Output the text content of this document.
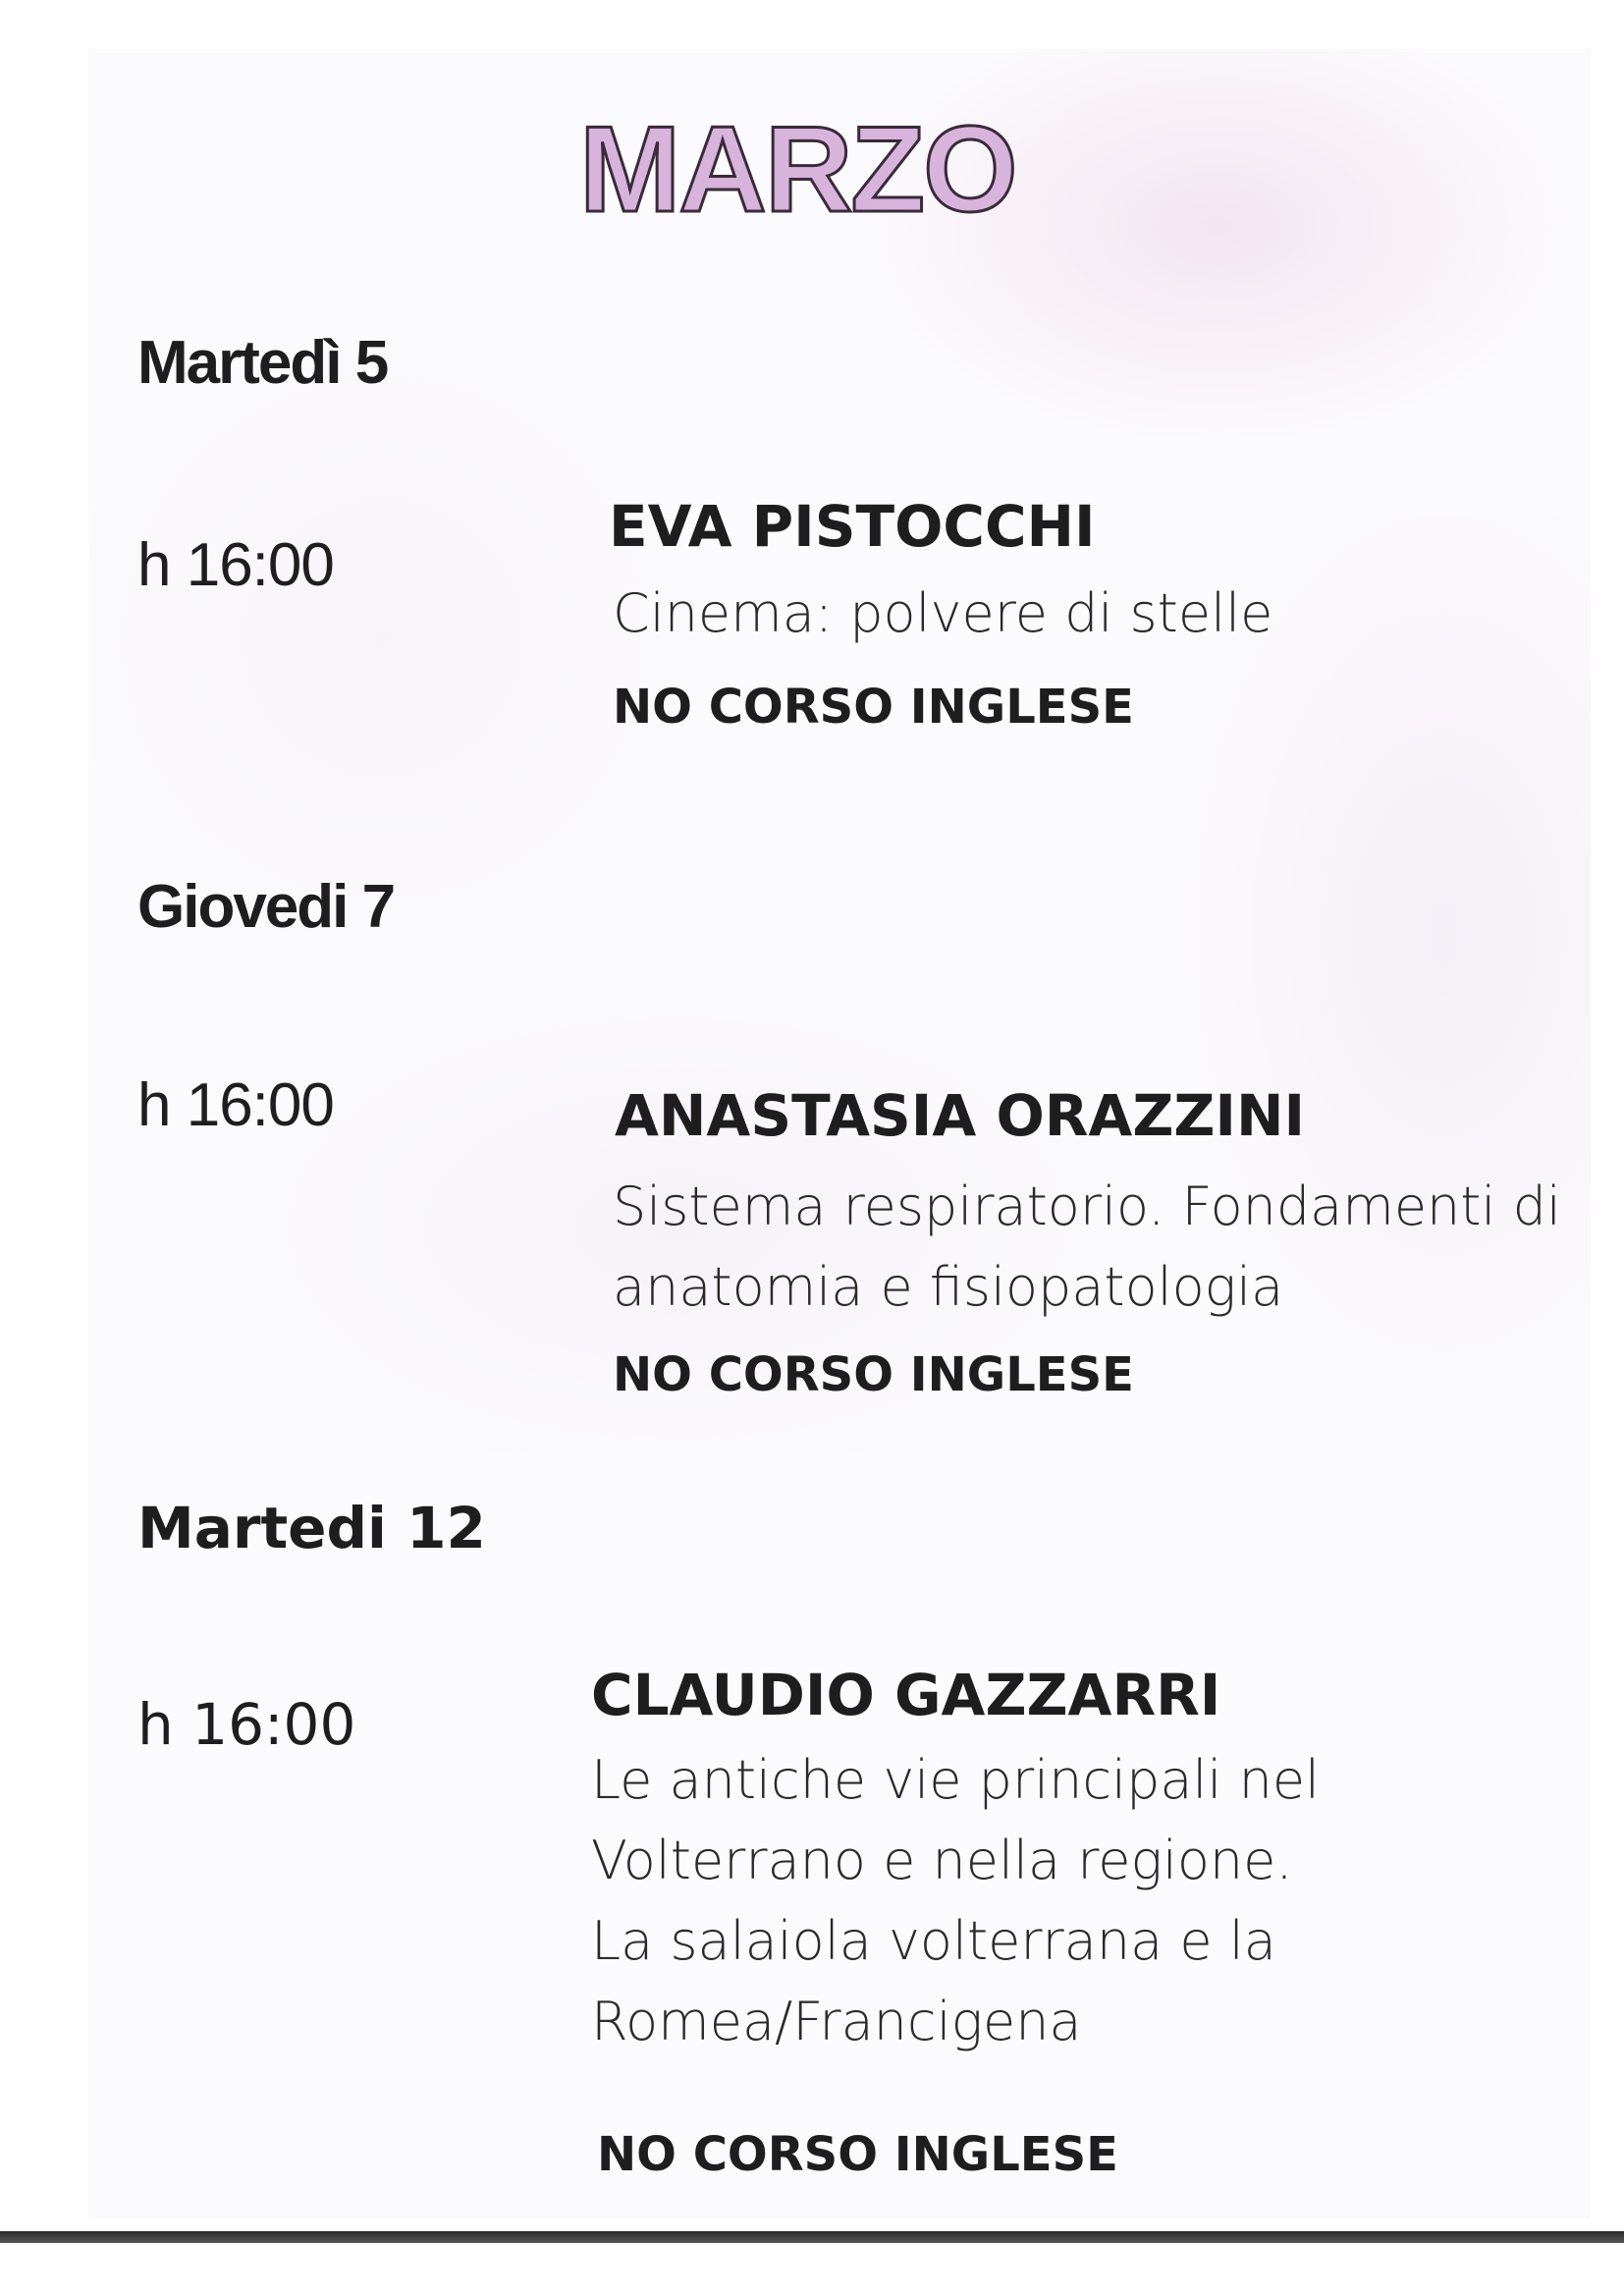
MARZO

Martedì 5

h 16:00

EVA PISTOCCHI

Cinema: polvere di stelle

NO CORSO INGLESE

Giovedi 7

h 16:00	ANASTASIA ORAZZINI

Sistema respiratorio. Fondamenti di

anatomia e fisiopatologia

NO CORSO INGLESE

Martedi 12

h 16:00	CLAUDIO GAZZARRI

Le antiche vie principali nel

Volterrano e nella regione.

La salaiola volterrana e la

Romea/Francigena

NO CORSO INGLESE
